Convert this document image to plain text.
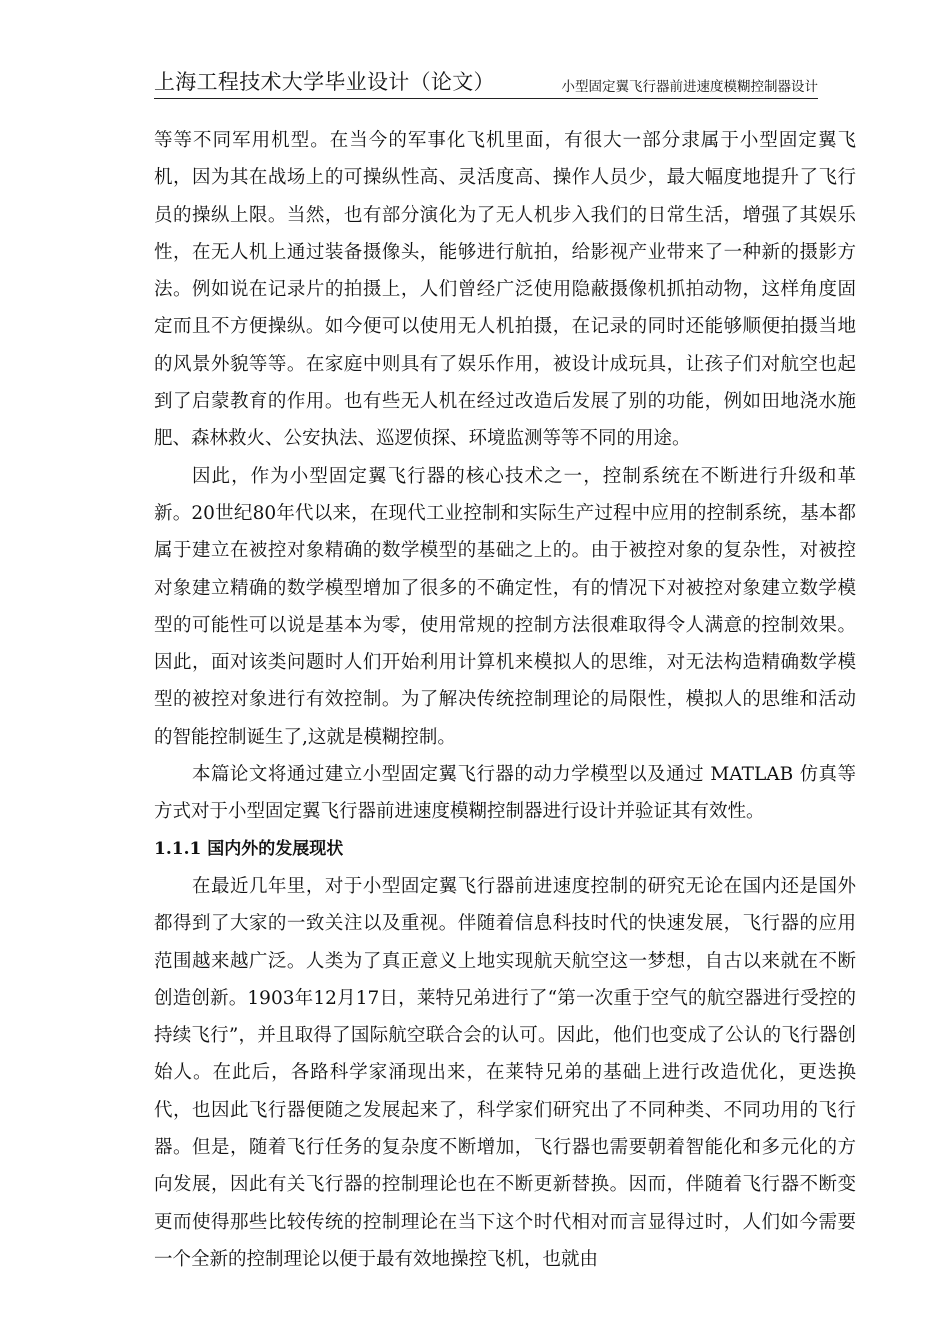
上海工程技术大学毕业设计（论文）	小型固定翼飞行器前进速度模糊控制器设计

等等不同军用机型。在当今的军事化飞机里面，有很大一部分隶属于小型固定翼飞机，因为其在战场上的可操纵性高、灵活度高、操作人员少，最大幅度地提升了飞行员的操纵上限。当然，也有部分演化为了无人机步入我们的日常生活，增强了其娱乐性，在无人机上通过装备摄像头，能够进行航拍，给影视产业带来了一种新的摄影方法。例如说在记录片的拍摄上，人们曾经广泛使用隐蔽摄像机抓拍动物，这样角度固定而且不方便操纵。如今便可以使用无人机拍摄，在记录的同时还能够顺便拍摄当地的风景外貌等等。在家庭中则具有了娱乐作用，被设计成玩具，让孩子们对航空也起到了启蒙教育的作用。也有些无人机在经过改造后发展了别的功能，例如田地浇水施肥、森林救火、公安执法、巡逻侦探、环境监测等等不同的用途。

因此，作为小型固定翼飞行器的核心技术之一，控制系统在不断进行升级和革新。20世纪80年代以来，在现代工业控制和实际生产过程中应用的控制系统，基本都属于建立在被控对象精确的数学模型的基础之上的。由于被控对象的复杂性，对被控对象建立精确的数学模型增加了很多的不确定性，有的情况下对被控对象建立数学模型的可能性可以说是基本为零，使用常规的控制方法很难取得令人满意的控制效果。因此，面对该类问题时人们开始利用计算机来模拟人的思维，对无法构造精确数学模型的被控对象进行有效控制。为了解决传统控制理论的局限性，模拟人的思维和活动的智能控制诞生了,这就是模糊控制。

本篇论文将通过建立小型固定翼飞行器的动力学模型以及通过 MATLAB 仿真等方式对于小型固定翼飞行器前进速度模糊控制器进行设计并验证其有效性。

1.1.1 国内外的发展现状

在最近几年里，对于小型固定翼飞行器前进速度控制的研究无论在国内还是国外都得到了大家的一致关注以及重视。伴随着信息科技时代的快速发展，飞行器的应用范围越来越广泛。人类为了真正意义上地实现航天航空这一梦想，自古以来就在不断创造创新。1903年12月17日，莱特兄弟进行了“第一次重于空气的航空器进行受控的持续飞行”，并且取得了国际航空联合会的认可。因此，他们也变成了公认的飞行器创始人。在此后，各路科学家涌现出来，在莱特兄弟的基础上进行改造优化，更迭换代，也因此飞行器便随之发展起来了，科学家们研究出了不同种类、不同功用的飞行器。但是，随着飞行任务的复杂度不断增加，飞行器也需要朝着智能化和多元化的方向发展，因此有关飞行器的控制理论也在不断更新替换。因而，伴随着飞行器不断变更而使得那些比较传统的控制理论在当下这个时代相对而言显得过时，人们如今需要一个全新的控制理论以便于最有效地操控飞机，也就由
